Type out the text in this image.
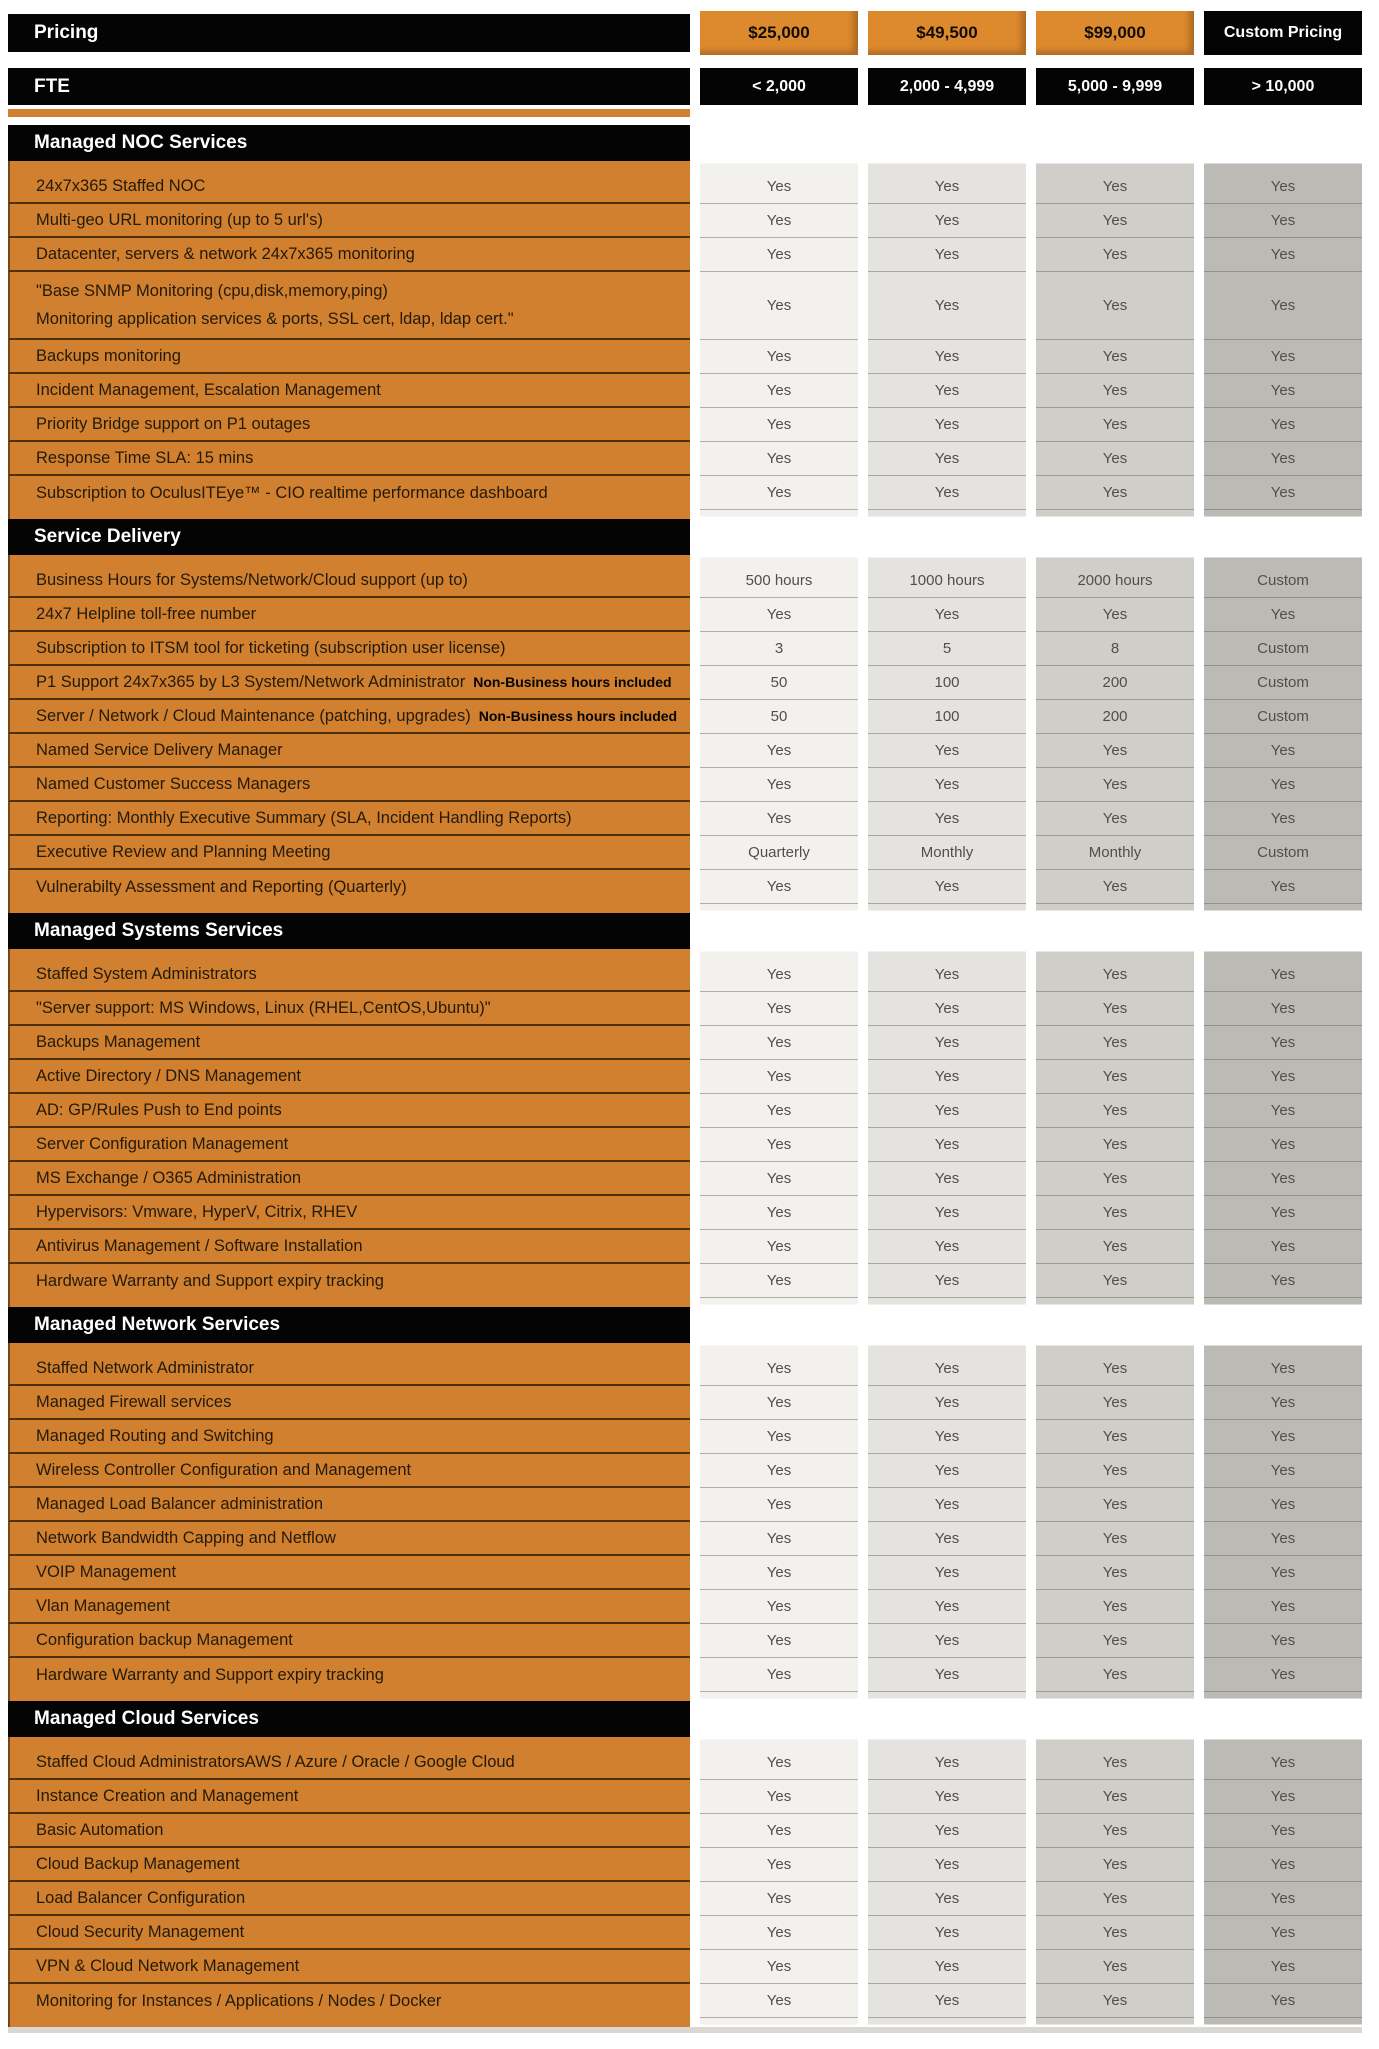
Pricing	$25,000	$49,500	$99,000	Custom Pricing
FTE	< 2,000	2,000 - 4,999	5,000 - 9,999	> 10,000
Managed NOC Services
24x7x365 Staffed NOC	Yes	Yes	Yes	Yes
Multi-geo URL monitoring (up to 5 url's)	Yes	Yes	Yes	Yes
Datacenter, servers & network 24x7x365 monitoring	Yes	Yes	Yes	Yes
"Base SNMP Monitoring (cpu,disk,memory,ping)
Monitoring application services & ports, SSL cert, ldap, ldap cert."
Yes	Yes	Yes	Yes
Backups monitoring	Yes	Yes	Yes	Yes
Incident Management, Escalation Management	Yes	Yes	Yes	Yes
Priority Bridge support on P1 outages	Yes	Yes	Yes	Yes
Response Time SLA: 15 mins	Yes	Yes	Yes	Yes
Subscription to OculusITEye™ - CIO realtime performance dashboard	Yes	Yes	Yes	Yes
Service Delivery
Business Hours for Systems/Network/Cloud support (up to)	500 hours	1000 hours	2000 hours	Custom
24x7 Helpline toll-free number	Yes	Yes	Yes	Yes
Subscription to ITSM tool for ticketing (subscription user license)	3	5	8	Custom
P1 Support 24x7x365 by L3 System/Network Administrator Non-Business hours included	50	100	200	Custom
Server / Network / Cloud Maintenance (patching, upgrades) Non-Business hours included	50	100	200	Custom
Named Service Delivery Manager	Yes	Yes	Yes	Yes
Named Customer Success Managers	Yes	Yes	Yes	Yes
Reporting: Monthly Executive Summary (SLA, Incident Handling Reports)	Yes	Yes	Yes	Yes
Executive Review and Planning Meeting	Quarterly	Monthly	Monthly	Custom
Vulnerabilty Assessment and Reporting (Quarterly)	Yes	Yes	Yes	Yes
Managed Systems Services
Staffed System Administrators	Yes	Yes	Yes	Yes
"Server support: MS Windows, Linux (RHEL,CentOS,Ubuntu)"	Yes	Yes	Yes	Yes
Backups Management	Yes	Yes	Yes	Yes
Active Directory / DNS Management	Yes	Yes	Yes	Yes
AD: GP/Rules Push to End points	Yes	Yes	Yes	Yes
Server Configuration Management	Yes	Yes	Yes	Yes
MS Exchange / O365 Administration	Yes	Yes	Yes	Yes
Hypervisors: Vmware, HyperV, Citrix, RHEV	Yes	Yes	Yes	Yes
Antivirus Management / Software Installation	Yes	Yes	Yes	Yes
Hardware Warranty and Support expiry tracking	Yes	Yes	Yes	Yes
Managed Network Services
Staffed Network Administrator	Yes	Yes	Yes	Yes
Managed Firewall services	Yes	Yes	Yes	Yes
Managed Routing and Switching	Yes	Yes	Yes	Yes
Wireless Controller Configuration and Management	Yes	Yes	Yes	Yes
Managed Load Balancer administration	Yes	Yes	Yes	Yes
Network Bandwidth Capping and Netflow	Yes	Yes	Yes	Yes
VOIP Management	Yes	Yes	Yes	Yes
Vlan Management	Yes	Yes	Yes	Yes
Configuration backup Management	Yes	Yes	Yes	Yes
Hardware Warranty and Support expiry tracking	Yes	Yes	Yes	Yes
Managed Cloud Services
Staffed Cloud AdministratorsAWS / Azure / Oracle / Google Cloud	Yes	Yes	Yes	Yes
Instance Creation and Management	Yes	Yes	Yes	Yes
Basic Automation	Yes	Yes	Yes	Yes
Cloud Backup Management	Yes	Yes	Yes	Yes
Load Balancer Configuration	Yes	Yes	Yes	Yes
Cloud Security Management	Yes	Yes	Yes	Yes
VPN & Cloud Network Management	Yes	Yes	Yes	Yes
Monitoring for Instances / Applications / Nodes / Docker	Yes	Yes	Yes	Yes
